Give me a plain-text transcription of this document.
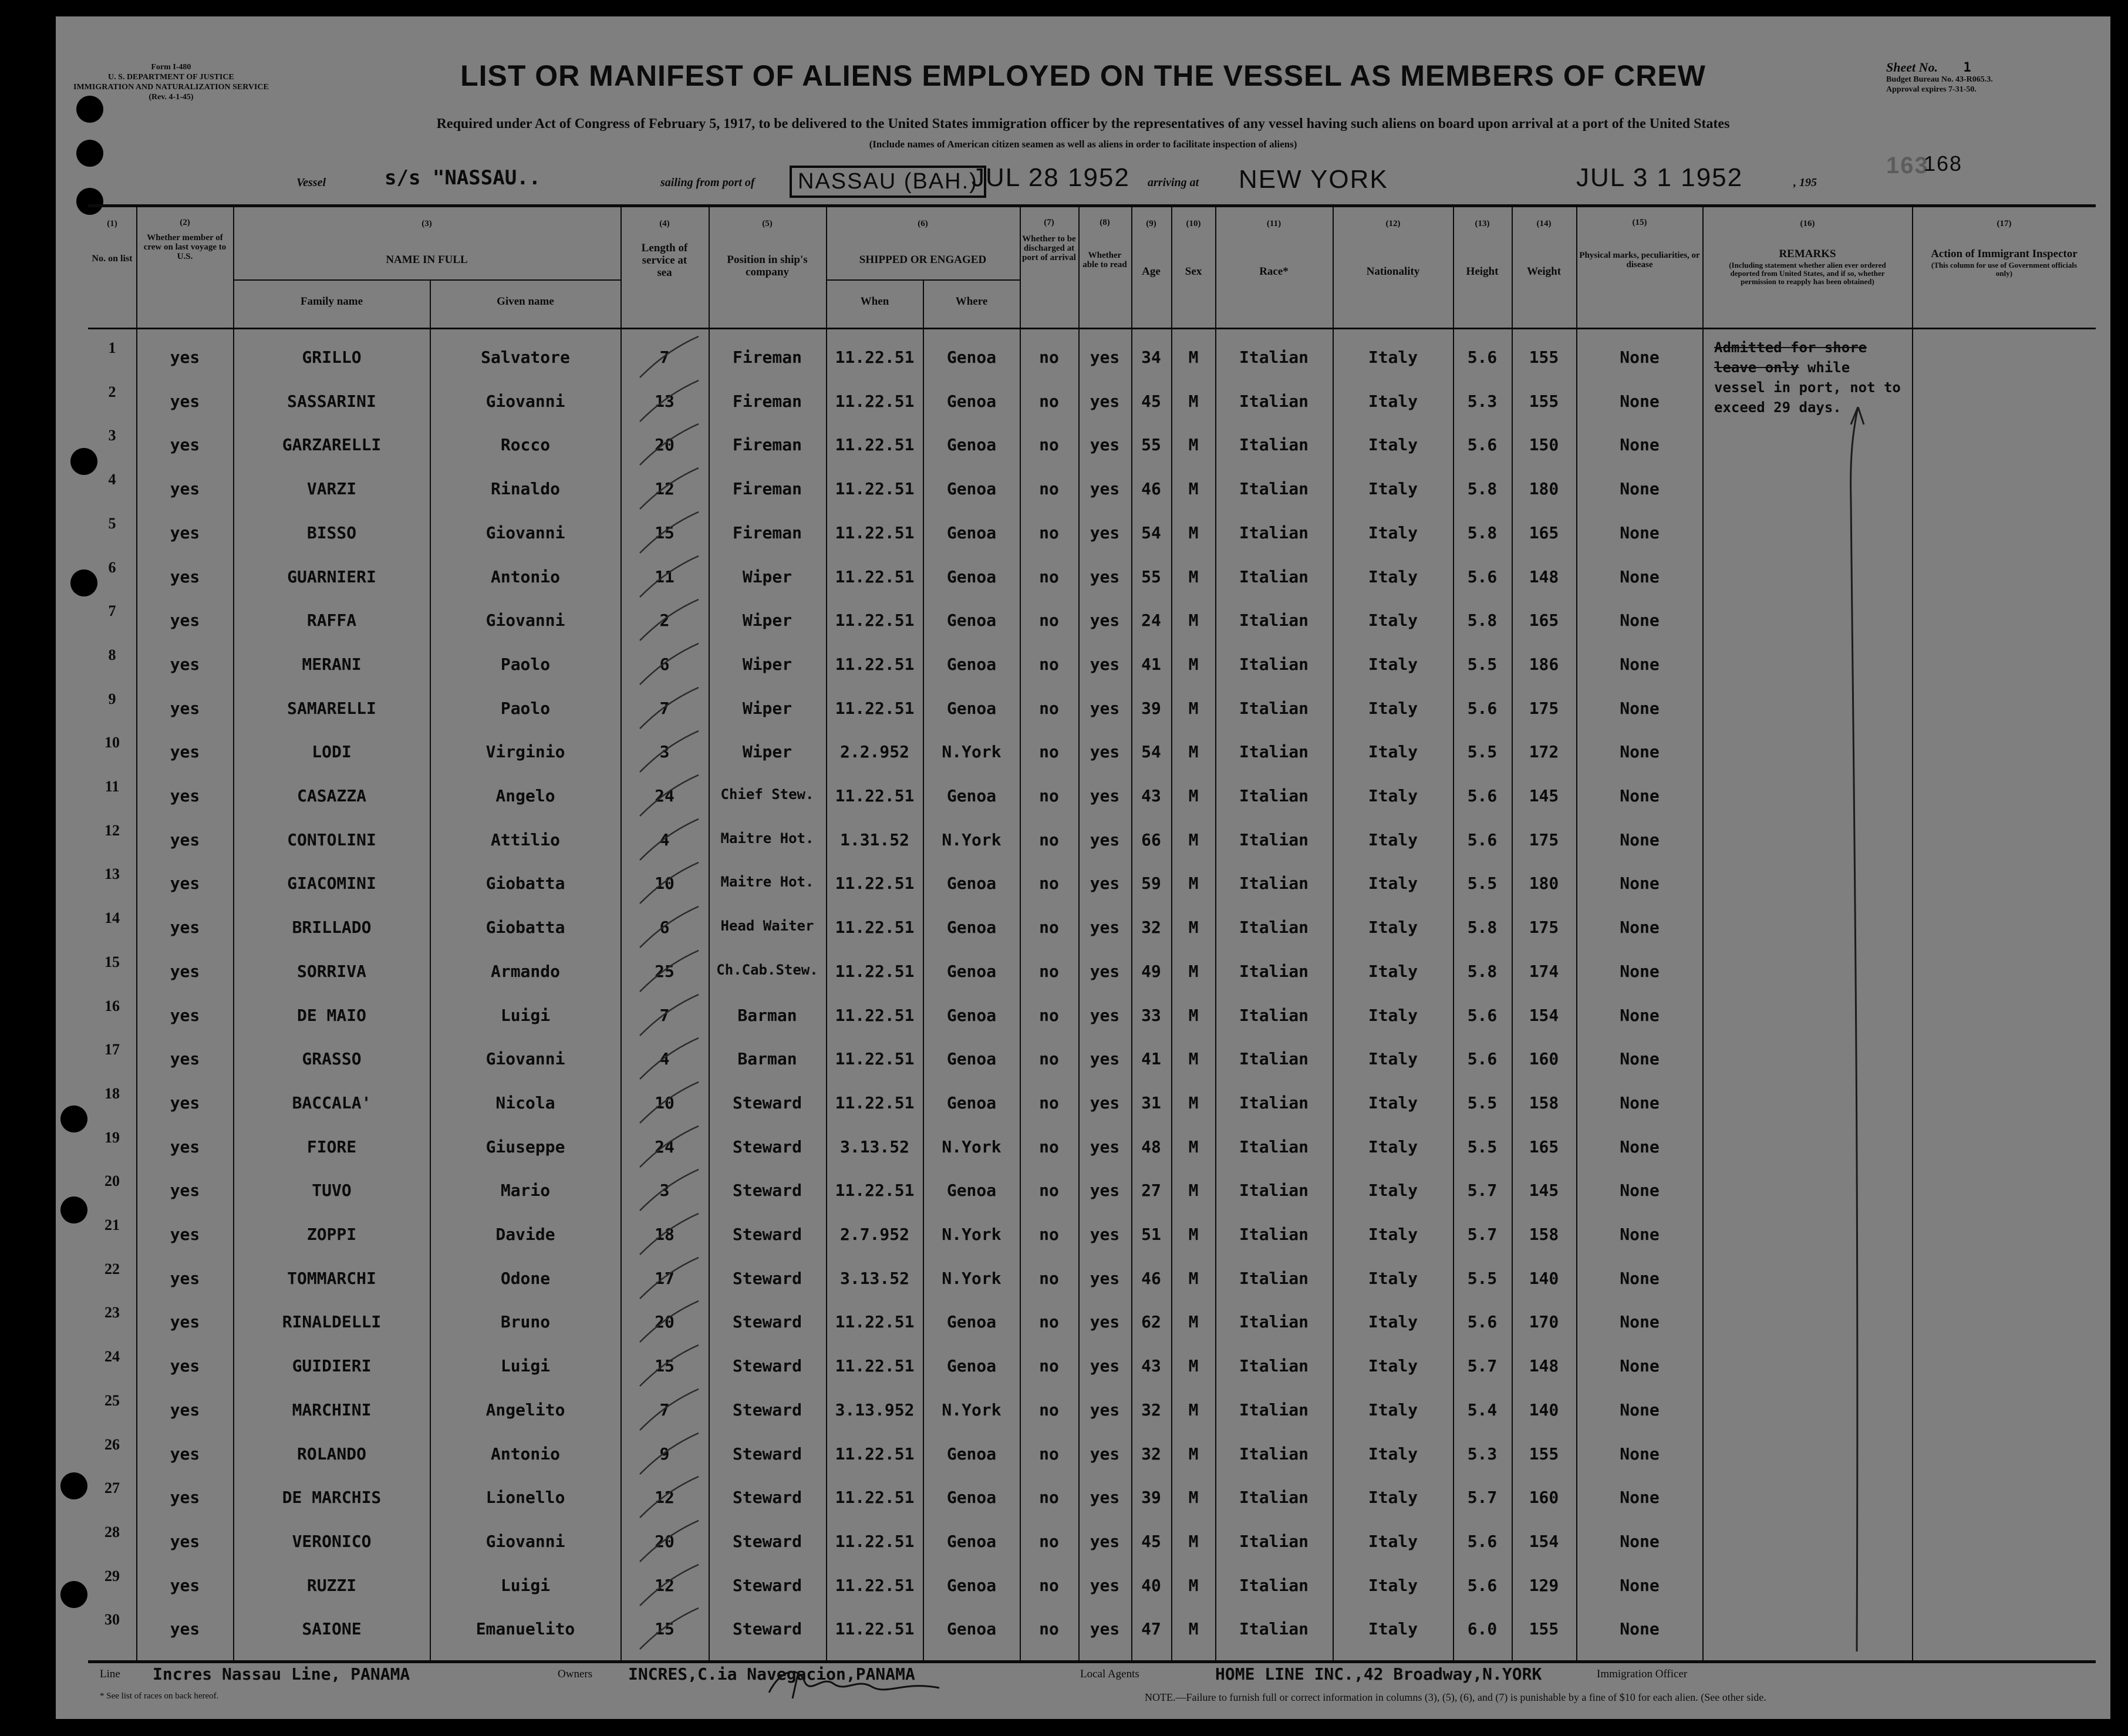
Form I-480
U. S. DEPARTMENT OF JUSTICE
IMMIGRATION AND NATURALIZATION SERVICE
(Rev. 4-1-45)
LIST OR MANIFEST OF ALIENS EMPLOYED ON THE VESSEL AS MEMBERS OF CREW	Sheet No. 1
Budget Bureau No. 43-R065.3.
Approval expires 7-31-50.
Required under Act of Congress of February 5, 1917, to be delivered to the United States immigration officer by the representatives of any vessel having such aliens on board upon arrival at a port of the United States
(Include names of American citizen seamen as well as aliens in order to facilitate inspection of aliens)
Vessel	s/s "NASSAU..	sailing from port of	NASSAU (BAH.)
JUL 28 1952 arriving at NEW YORK	JUL 3 1 1952	, 195
163
168
(1)
No. on list
(2)
Whether member of crew on last voyage to U.S.
(3)
NAME IN FULL
Family name	Given name
(4)
Length of service at sea
(5)
Position in ship's company
(6)
SHIPPED OR ENGAGED
When	Where
(7)
Whether to be discharged at port of arrival
(8)
Whether able to read
(9)
Age
(10)
Sex
(11)
Race*
(12)
Nationality
(13)
Height
(14)
Weight
(15)
Physical marks, peculiarities, or disease
(16)
REMARKS
(Including statement whether alien ever ordered deported from United States, and if so, whether permission to reapply has been obtained)
(17)
Action of Immigrant Inspector
(This column for use of Government officials only)
Admitted for shore leave only while vessel in port, not to exceed 29 days.
1	yes	GRILLO	Salvatore	7	Fireman	11.22.51	Genoa	no	yes	34	M	Italian	Italy	5.6	155	None
2	yes	SASSARINI	Giovanni	13	Fireman	11.22.51	Genoa	no	yes	45	M	Italian	Italy	5.3	155	None
3	yes	GARZARELLI	Rocco	20	Fireman	11.22.51	Genoa	no	yes	55	M	Italian	Italy	5.6	150	None
4	yes	VARZI	Rinaldo	12	Fireman	11.22.51	Genoa	no	yes	46	M	Italian	Italy	5.8	180	None
5	yes	BISSO	Giovanni	15	Fireman	11.22.51	Genoa	no	yes	54	M	Italian	Italy	5.8	165	None
6	yes	GUARNIERI	Antonio	11	Wiper	11.22.51	Genoa	no	yes	55	M	Italian	Italy	5.6	148	None
7	yes	RAFFA	Giovanni	2	Wiper	11.22.51	Genoa	no	yes	24	M	Italian	Italy	5.8	165	None
8	yes	MERANI	Paolo	6	Wiper	11.22.51	Genoa	no	yes	41	M	Italian	Italy	5.5	186	None
9	yes	SAMARELLI	Paolo	7	Wiper	11.22.51	Genoa	no	yes	39	M	Italian	Italy	5.6	175	None
10	yes	LODI	Virginio	3	Wiper	2.2.952	N.York	no	yes	54	M	Italian	Italy	5.5	172	None
11	yes	CASAZZA	Angelo	24	Chief Stew.	11.22.51	Genoa	no	yes	43	M	Italian	Italy	5.6	145	None
12	yes	CONTOLINI	Attilio	4	Maitre Hot.	1.31.52	N.York	no	yes	66	M	Italian	Italy	5.6	175	None
13	yes	GIACOMINI	Giobatta	10	Maitre Hot.	11.22.51	Genoa	no	yes	59	M	Italian	Italy	5.5	180	None
14	yes	BRILLADO	Giobatta	6	Head Waiter	11.22.51	Genoa	no	yes	32	M	Italian	Italy	5.8	175	None
15	yes	SORRIVA	Armando	25	Ch.Cab.Stew.	11.22.51	Genoa	no	yes	49	M	Italian	Italy	5.8	174	None
16	yes	DE MAIO	Luigi	7	Barman	11.22.51	Genoa	no	yes	33	M	Italian	Italy	5.6	154	None
17	yes	GRASSO	Giovanni	4	Barman	11.22.51	Genoa	no	yes	41	M	Italian	Italy	5.6	160	None
18	yes	BACCALA'	Nicola	10	Steward	11.22.51	Genoa	no	yes	31	M	Italian	Italy	5.5	158	None
19	yes	FIORE	Giuseppe	24	Steward	3.13.52	N.York	no	yes	48	M	Italian	Italy	5.5	165	None
20	yes	TUVO	Mario	3	Steward	11.22.51	Genoa	no	yes	27	M	Italian	Italy	5.7	145	None
21	yes	ZOPPI	Davide	18	Steward	2.7.952	N.York	no	yes	51	M	Italian	Italy	5.7	158	None
22	yes	TOMMARCHI	Odone	17	Steward	3.13.52	N.York	no	yes	46	M	Italian	Italy	5.5	140	None
23	yes	RINALDELLI	Bruno	20	Steward	11.22.51	Genoa	no	yes	62	M	Italian	Italy	5.6	170	None
24	yes	GUIDIERI	Luigi	15	Steward	11.22.51	Genoa	no	yes	43	M	Italian	Italy	5.7	148	None
25	yes	MARCHINI	Angelito	7	Steward	3.13.952	N.York	no	yes	32	M	Italian	Italy	5.4	140	None
26	yes	ROLANDO	Antonio	9	Steward	11.22.51	Genoa	no	yes	32	M	Italian	Italy	5.3	155	None
27	yes	DE MARCHIS	Lionello	12	Steward	11.22.51	Genoa	no	yes	39	M	Italian	Italy	5.7	160	None
28	yes	VERONICO	Giovanni	20	Steward	11.22.51	Genoa	no	yes	45	M	Italian	Italy	5.6	154	None
29	yes	RUZZI	Luigi	12	Steward	11.22.51	Genoa	no	yes	40	M	Italian	Italy	5.6	129	None
30	yes	SAIONE	Emanuelito	15	Steward	11.22.51	Genoa	no	yes	47	M	Italian	Italy	6.0	155	None
Line Incres Nassau Line, PANAMA
* See list of races on back hereof.
Owners INCRES,C.ia Navegacion,PANAMA	Local Agents	HOME LINE INC.,42 Broadway,N.YORK	Immigration Officer
NOTE.—Failure to furnish full or correct information in columns (3), (5), (6), and (7) is punishable by a fine of $10 for each alien. (See other side.
